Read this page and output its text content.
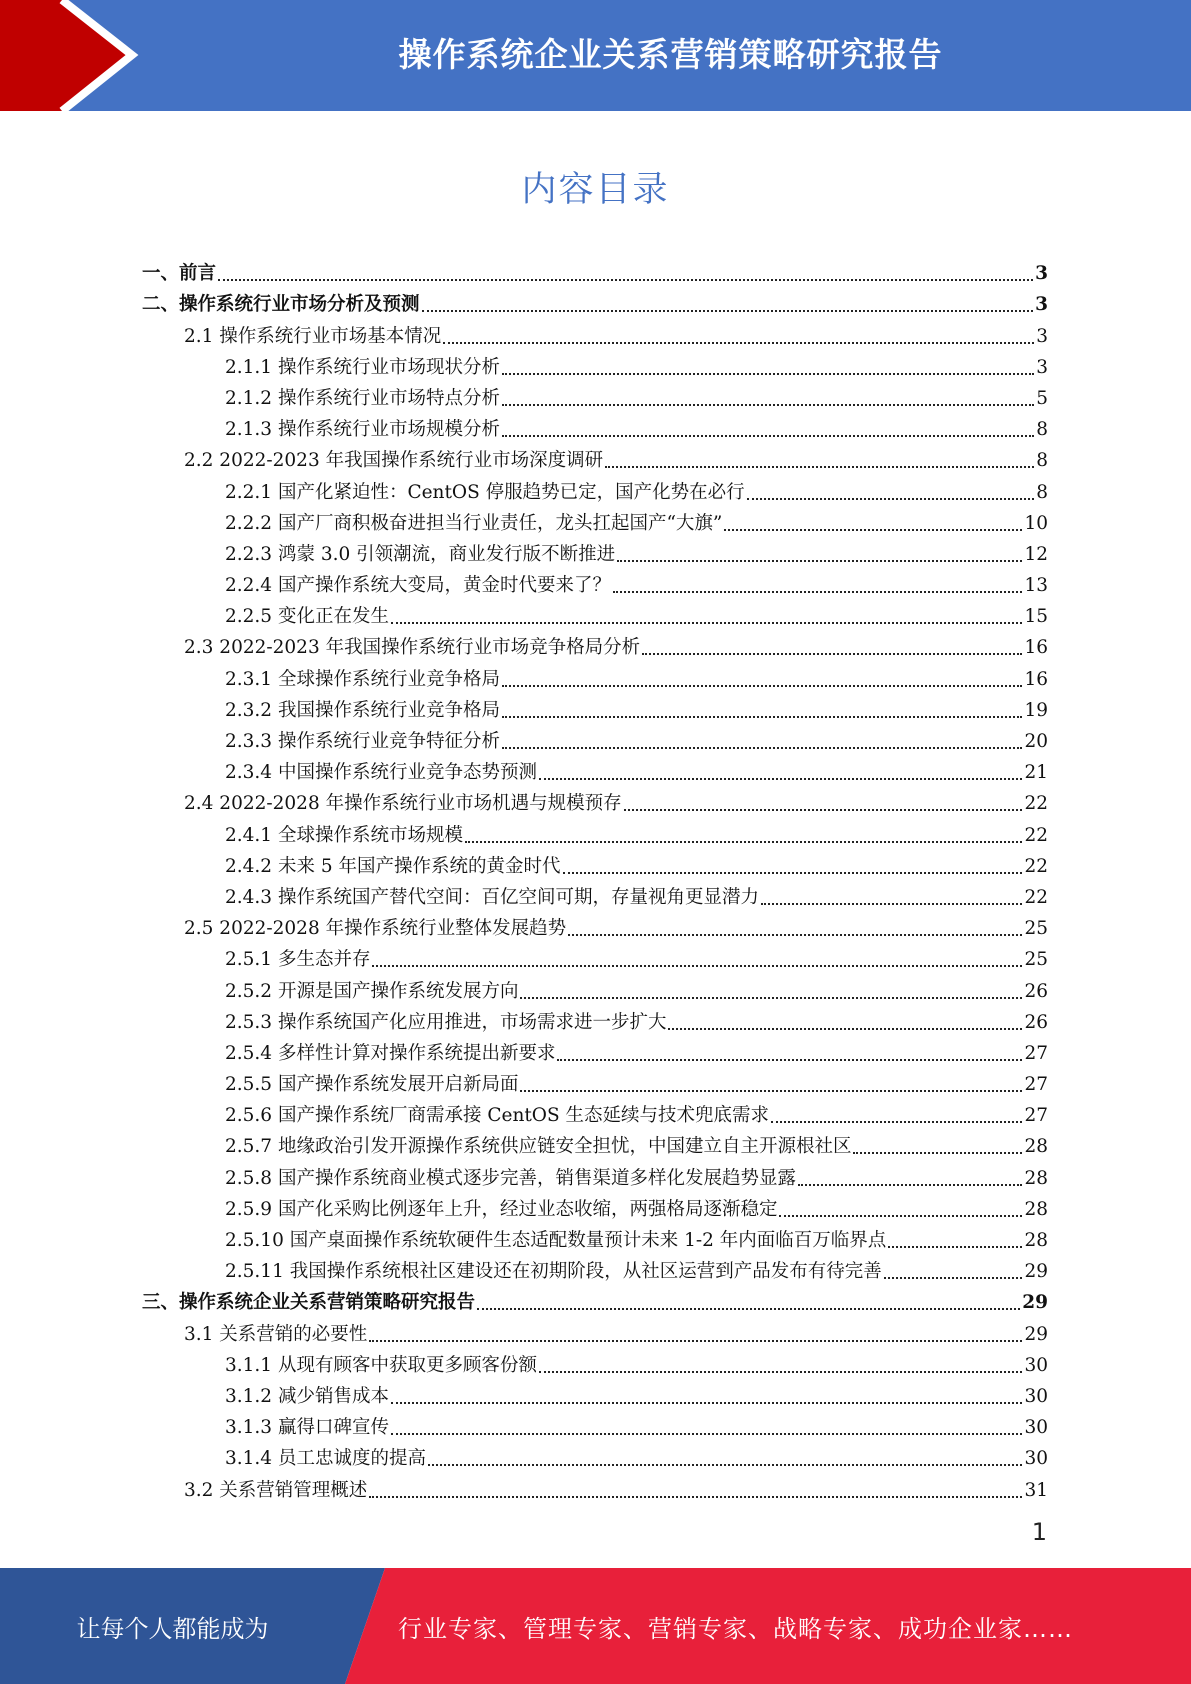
操作系统企业关系营销策略研究报告
内容目录
一、前言	3
二、操作系统行业市场分析及预测	3
2.1 操作系统行业市场基本情况	3
2.1.1 操作系统行业市场现状分析	3
2.1.2 操作系统行业市场特点分析	5
2.1.3 操作系统行业市场规模分析	8
2.2 2022-2023 年我国操作系统行业市场深度调研	8
2.2.1 国产化紧迫性：CentOS 停服趋势已定，国产化势在必行	8
2.2.2 国产厂商积极奋进担当行业责任，龙头扛起国产“大旗”	10
2.2.3 鸿蒙 3.0 引领潮流，商业发行版不断推进	12
2.2.4 国产操作系统大变局，黄金时代要来了？	13
2.2.5 变化正在发生	15
2.3 2022-2023 年我国操作系统行业市场竞争格局分析	16
2.3.1 全球操作系统行业竞争格局	16
2.3.2 我国操作系统行业竞争格局	19
2.3.3 操作系统行业竞争特征分析	20
2.3.4 中国操作系统行业竞争态势预测	21
2.4 2022-2028 年操作系统行业市场机遇与规模预存	22
2.4.1 全球操作系统市场规模	22
2.4.2 未来 5 年国产操作系统的黄金时代	22
2.4.3 操作系统国产替代空间：百亿空间可期，存量视角更显潜力	22
2.5 2022-2028 年操作系统行业整体发展趋势	25
2.5.1 多生态并存	25
2.5.2 开源是国产操作系统发展方向	26
2.5.3 操作系统国产化应用推进，市场需求进一步扩大	26
2.5.4 多样性计算对操作系统提出新要求	27
2.5.5 国产操作系统发展开启新局面	27
2.5.6 国产操作系统厂商需承接 CentOS 生态延续与技术兜底需求	27
2.5.7 地缘政治引发开源操作系统供应链安全担忧，中国建立自主开源根社区	28
2.5.8 国产操作系统商业模式逐步完善，销售渠道多样化发展趋势显露	28
2.5.9 国产化采购比例逐年上升，经过业态收缩，两强格局逐渐稳定	28
2.5.10 国产桌面操作系统软硬件生态适配数量预计未来 1-2 年内面临百万临界点	28
2.5.11 我国操作系统根社区建设还在初期阶段，从社区运营到产品发布有待完善	29
三、操作系统企业关系营销策略研究报告	29
3.1 关系营销的必要性	29
3.1.1 从现有顾客中获取更多顾客份额	30
3.1.2 减少销售成本	30
3.1.3 赢得口碑宣传	30
3.1.4 员工忠诚度的提高	30
3.2 关系营销管理概述	31
1
让每个人都能成为	行业专家、管理专家、营销专家、战略专家、成功企业家……
